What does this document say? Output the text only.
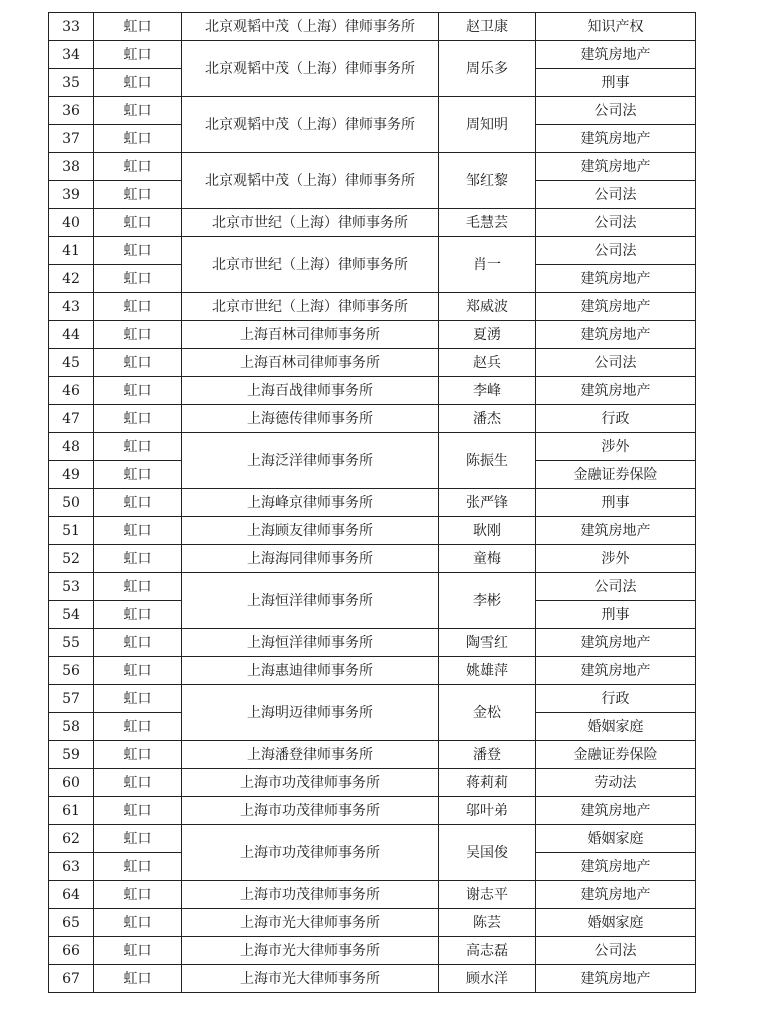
33	虹口	北京观韬中茂（上海）律师事务所	赵卫康	知识产权
34	虹口	北京观韬中茂（上海）律师事务所	周乐多	建筑房地产
35	虹口			刑事
36	虹口	北京观韬中茂（上海）律师事务所	周知明	公司法
37	虹口			建筑房地产
38	虹口	北京观韬中茂（上海）律师事务所	邹红黎	建筑房地产
39	虹口			公司法
40	虹口	北京市世纪（上海）律师事务所	毛慧芸	公司法
41	虹口	北京市世纪（上海）律师事务所	肖一	公司法
42	虹口			建筑房地产
43	虹口	北京市世纪（上海）律师事务所	郑威波	建筑房地产
44	虹口	上海百林司律师事务所	夏湧	建筑房地产
45	虹口	上海百林司律师事务所	赵兵	公司法
46	虹口	上海百战律师事务所	李峰	建筑房地产
47	虹口	上海德传律师事务所	潘杰	行政
48	虹口	上海泛洋律师事务所	陈振生	涉外
49	虹口			金融证券保险
50	虹口	上海峰京律师事务所	张严锋	刑事
51	虹口	上海顾友律师事务所	耿刚	建筑房地产
52	虹口	上海海同律师事务所	童梅	涉外
53	虹口	上海恒洋律师事务所	李彬	公司法
54	虹口			刑事
55	虹口	上海恒洋律师事务所	陶雪红	建筑房地产
56	虹口	上海惠迪律师事务所	姚雄萍	建筑房地产
57	虹口	上海明迈律师事务所	金松	行政
58	虹口			婚姻家庭
59	虹口	上海潘登律师事务所	潘登	金融证券保险
60	虹口	上海市功茂律师事务所	蒋莉莉	劳动法
61	虹口	上海市功茂律师事务所	邬叶弟	建筑房地产
62	虹口	上海市功茂律师事务所	吴国俊	婚姻家庭
63	虹口			建筑房地产
64	虹口	上海市功茂律师事务所	谢志平	建筑房地产
65	虹口	上海市光大律师事务所	陈芸	婚姻家庭
66	虹口	上海市光大律师事务所	高志磊	公司法
67	虹口	上海市光大律师事务所	顾水洋	建筑房地产
